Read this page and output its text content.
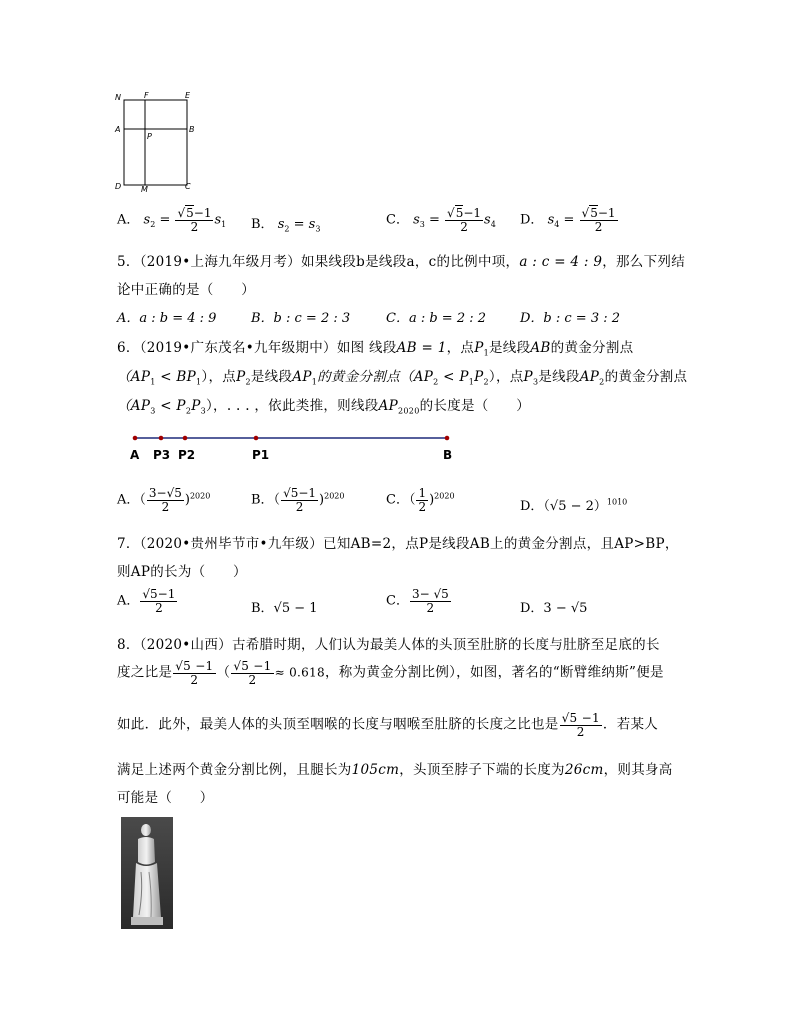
N	F	E
A
P
B
D M	C
A． $s_2 = \frac{√5-1}{2} s_1$ B． $s_2 = s_3$
C． $s_3 = \frac{√5-1}{2} s_4$ D． $s_4 = \frac{√5-1}{2}$
5．（2019•上海九年级月考）如果线段b是线段a，c的比例中项，a : c = 4 : 9，那么下列结
论中正确的是（　　）
A．a : b = 4 : 9	B．b : c = 2 : 3	C．a : b = 2 : 2	D．b : c = 3 : 2
6．（2019•广东茂名•九年级期中）如图 线段AB = 1，点$P_1$是线段AB的黄金分割点
$(AP_1 < BP_1)$，点$P_2$是线段$AP_1$的黄金分割点$(AP_2 < P_1P_2)$，点$P_3$是线段$AP_2$的黄金分割点
$(AP_3 < P_2P_3)$，. . . ，依此类推，则线段$AP_{2020}$的长度是（　　）
A P3 P2	P1	B
A．（ $\frac{3-√5}{2} )^{2020}$	B．（ $\frac{√5-1}{2} )^{2020}$	C．（ $\frac{1}{2} )^{2020}$
D．$(√5 - 2)^{1010}$
7．（2020•贵州毕节市•九年级）已知AB=2，点P是线段AB上的黄金分割点，且AP>BP，
则AP的长为（　　）
A． $\frac{√5-1}{2}$	B．√5 − 1	C． $\frac{3- √5}{2}$	D．3 − √5
8．（2020•山西）古希腊时期，人们认为最美人体的头顶至肚脐的长度与肚脐至足底的长
度之比是 $\frac{√5 -1}{2}$ （ $\frac{√5 -1}{2} \approx 0.618$，称为黄金分割比例），如图，著名的“断臂维纳斯”便是
如此．此外，最美人体的头顶至咽喉的长度与咽喉至肚脐的长度之比也是 $\frac{√5 -1}{2}$ ．若某人
满足上述两个黄金分割比例，且腿长为105cm，头顶至脖子下端的长度为26cm，则其身高
可能是（　　）
